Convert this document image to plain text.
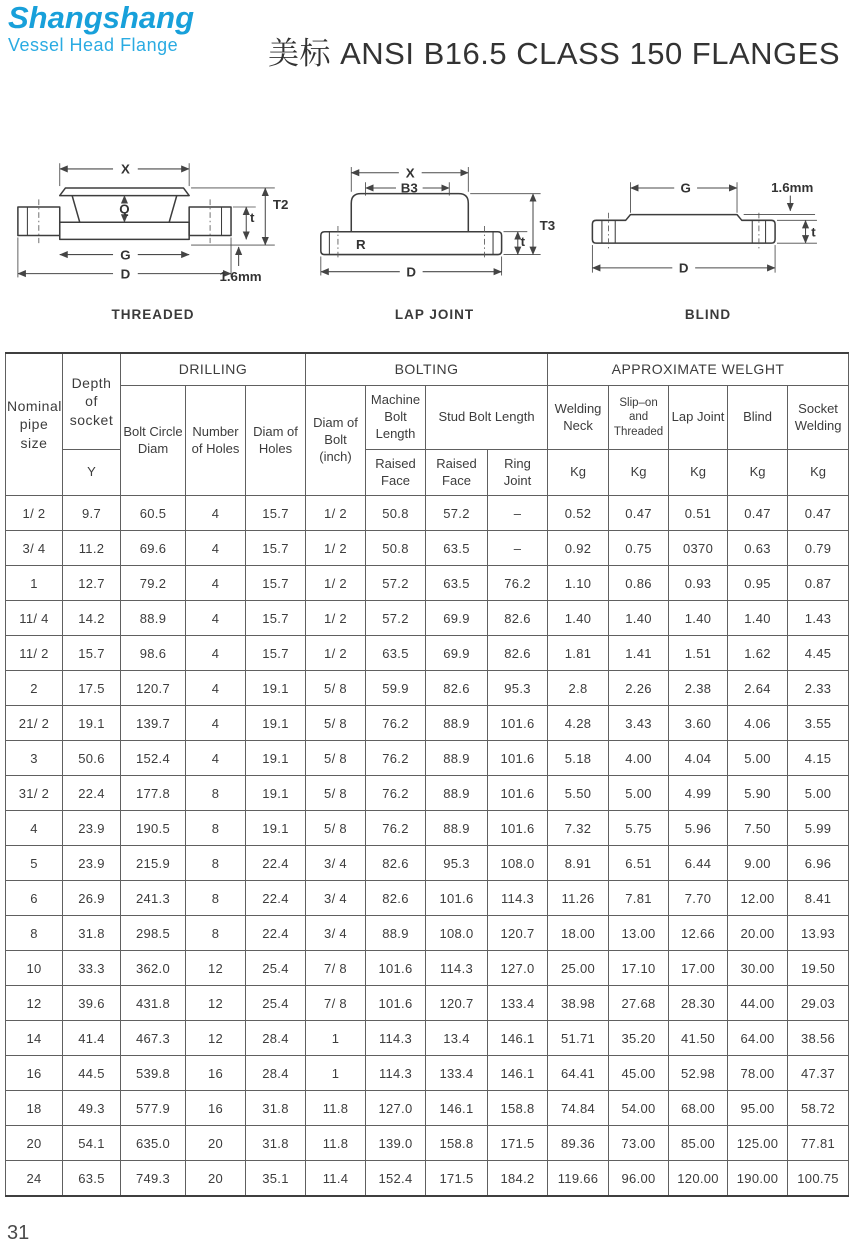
Shangshang
Vessel Head Flange	美标 ANSI B16.5 CLASS 150 FLANGES
X
Q
G
D
T2
t
1.6mm
THREADED
R
X
B3
D
T3
t
LAP JOINT
G	1.6mm
t
D
BLIND
Nominal pipe size	Depth of socket	DRILLING			BOLTING				APPROXIMATE WELGHT				
		Bolt Circle Diam	Number of Holes	Diam of Holes	Diam of Bolt (inch)	Machine Bolt Length	Stud Bolt Length		Welding Neck	Slip–on and Threaded	Lap Joint	Blind	Socket Welding
	Y					Raised Face	Raised Face	Ring Joint	Kg	Kg	Kg	Kg	Kg
1/ 2	9.7	60.5	4	15.7	1/ 2	50.8	57.2	–	0.52	0.47	0.51	0.47	0.47
3/ 4	11.2	69.6	4	15.7	1/ 2	50.8	63.5	–	0.92	0.75	0370	0.63	0.79
1	12.7	79.2	4	15.7	1/ 2	57.2	63.5	76.2	1.10	0.86	0.93	0.95	0.87
11/ 4	14.2	88.9	4	15.7	1/ 2	57.2	69.9	82.6	1.40	1.40	1.40	1.40	1.43
11/ 2	15.7	98.6	4	15.7	1/ 2	63.5	69.9	82.6	1.81	1.41	1.51	1.62	4.45
2	17.5	120.7	4	19.1	5/ 8	59.9	82.6	95.3	2.8	2.26	2.38	2.64	2.33
21/ 2	19.1	139.7	4	19.1	5/ 8	76.2	88.9	101.6	4.28	3.43	3.60	4.06	3.55
3	50.6	152.4	4	19.1	5/ 8	76.2	88.9	101.6	5.18	4.00	4.04	5.00	4.15
31/ 2	22.4	177.8	8	19.1	5/ 8	76.2	88.9	101.6	5.50	5.00	4.99	5.90	5.00
4	23.9	190.5	8	19.1	5/ 8	76.2	88.9	101.6	7.32	5.75	5.96	7.50	5.99
5	23.9	215.9	8	22.4	3/ 4	82.6	95.3	108.0	8.91	6.51	6.44	9.00	6.96
6	26.9	241.3	8	22.4	3/ 4	82.6	101.6	114.3	11.26	7.81	7.70	12.00	8.41
8	31.8	298.5	8	22.4	3/ 4	88.9	108.0	120.7	18.00	13.00	12.66	20.00	13.93
10	33.3	362.0	12	25.4	7/ 8	101.6	114.3	127.0	25.00	17.10	17.00	30.00	19.50
12	39.6	431.8	12	25.4	7/ 8	101.6	120.7	133.4	38.98	27.68	28.30	44.00	29.03
14	41.4	467.3	12	28.4	1	114.3	13.4	146.1	51.71	35.20	41.50	64.00	38.56
16	44.5	539.8	16	28.4	1	114.3	133.4	146.1	64.41	45.00	52.98	78.00	47.37
18	49.3	577.9	16	31.8	11.8	127.0	146.1	158.8	74.84	54.00	68.00	95.00	58.72
20	54.1	635.0	20	31.8	11.8	139.0	158.8	171.5	89.36	73.00	85.00	125.00	77.81
24	63.5	749.3	20	35.1	11.4	152.4	171.5	184.2	119.66	96.00	120.00	190.00	100.75
31
